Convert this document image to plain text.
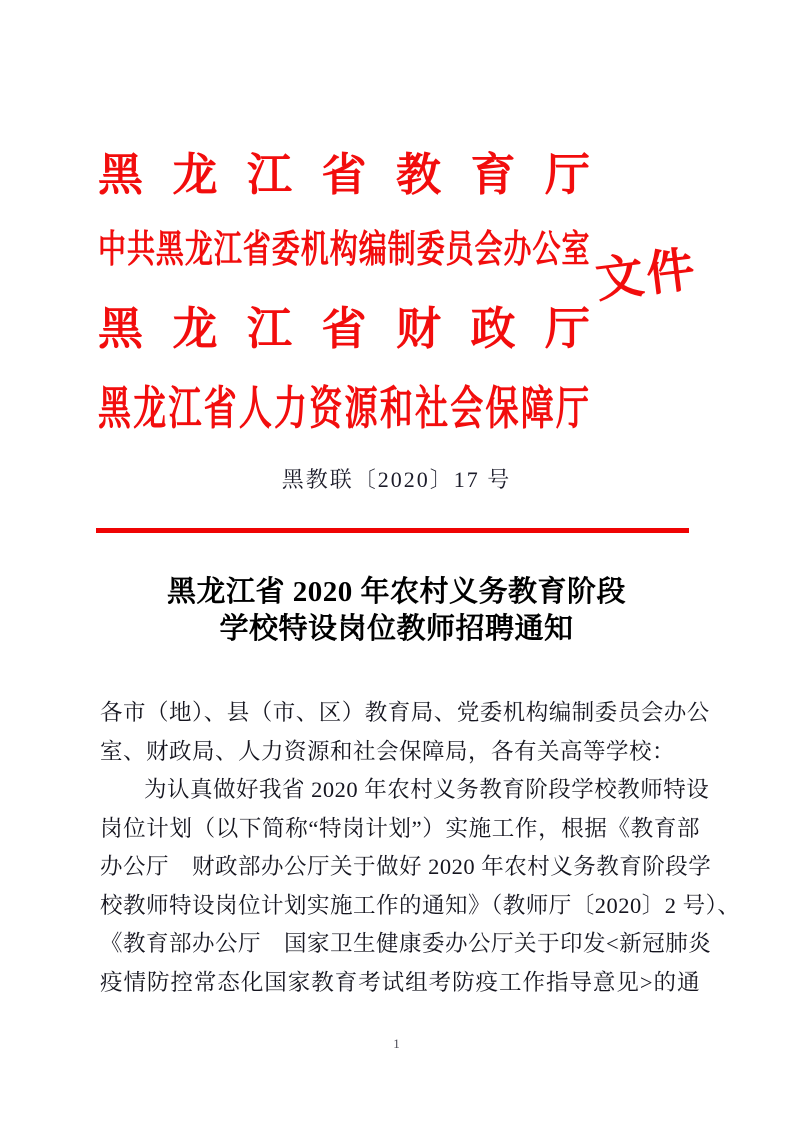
黑 龙 江 省 教 育 厅
中共黑龙江省委机构编制委员会办公室
黑 龙 江 省 财 政 厅
黑龙江省人力资源和社会保障厅
文件
黑教联〔2020〕17 号
黑龙江省 2020 年农村义务教育阶段
学校特设岗位教师招聘通知
各市（地）、县（市、区）教育局、党委机构编制委员会办公
室、财政局、人力资源和社会保障局，各有关高等学校：
为认真做好我省 2020 年农村义务教育阶段学校教师特设
岗位计划（以下简称“特岗计划”）实施工作，根据《教育部
办公厅　财政部办公厅关于做好 2020 年农村义务教育阶段学
校教师特设岗位计划实施工作的通知》（教师厅〔2020〕2 号）、
《教育部办公厅　国家卫生健康委办公厅关于印发<新冠肺炎
疫情防控常态化国家教育考试组考防疫工作指导意见>的通
1
